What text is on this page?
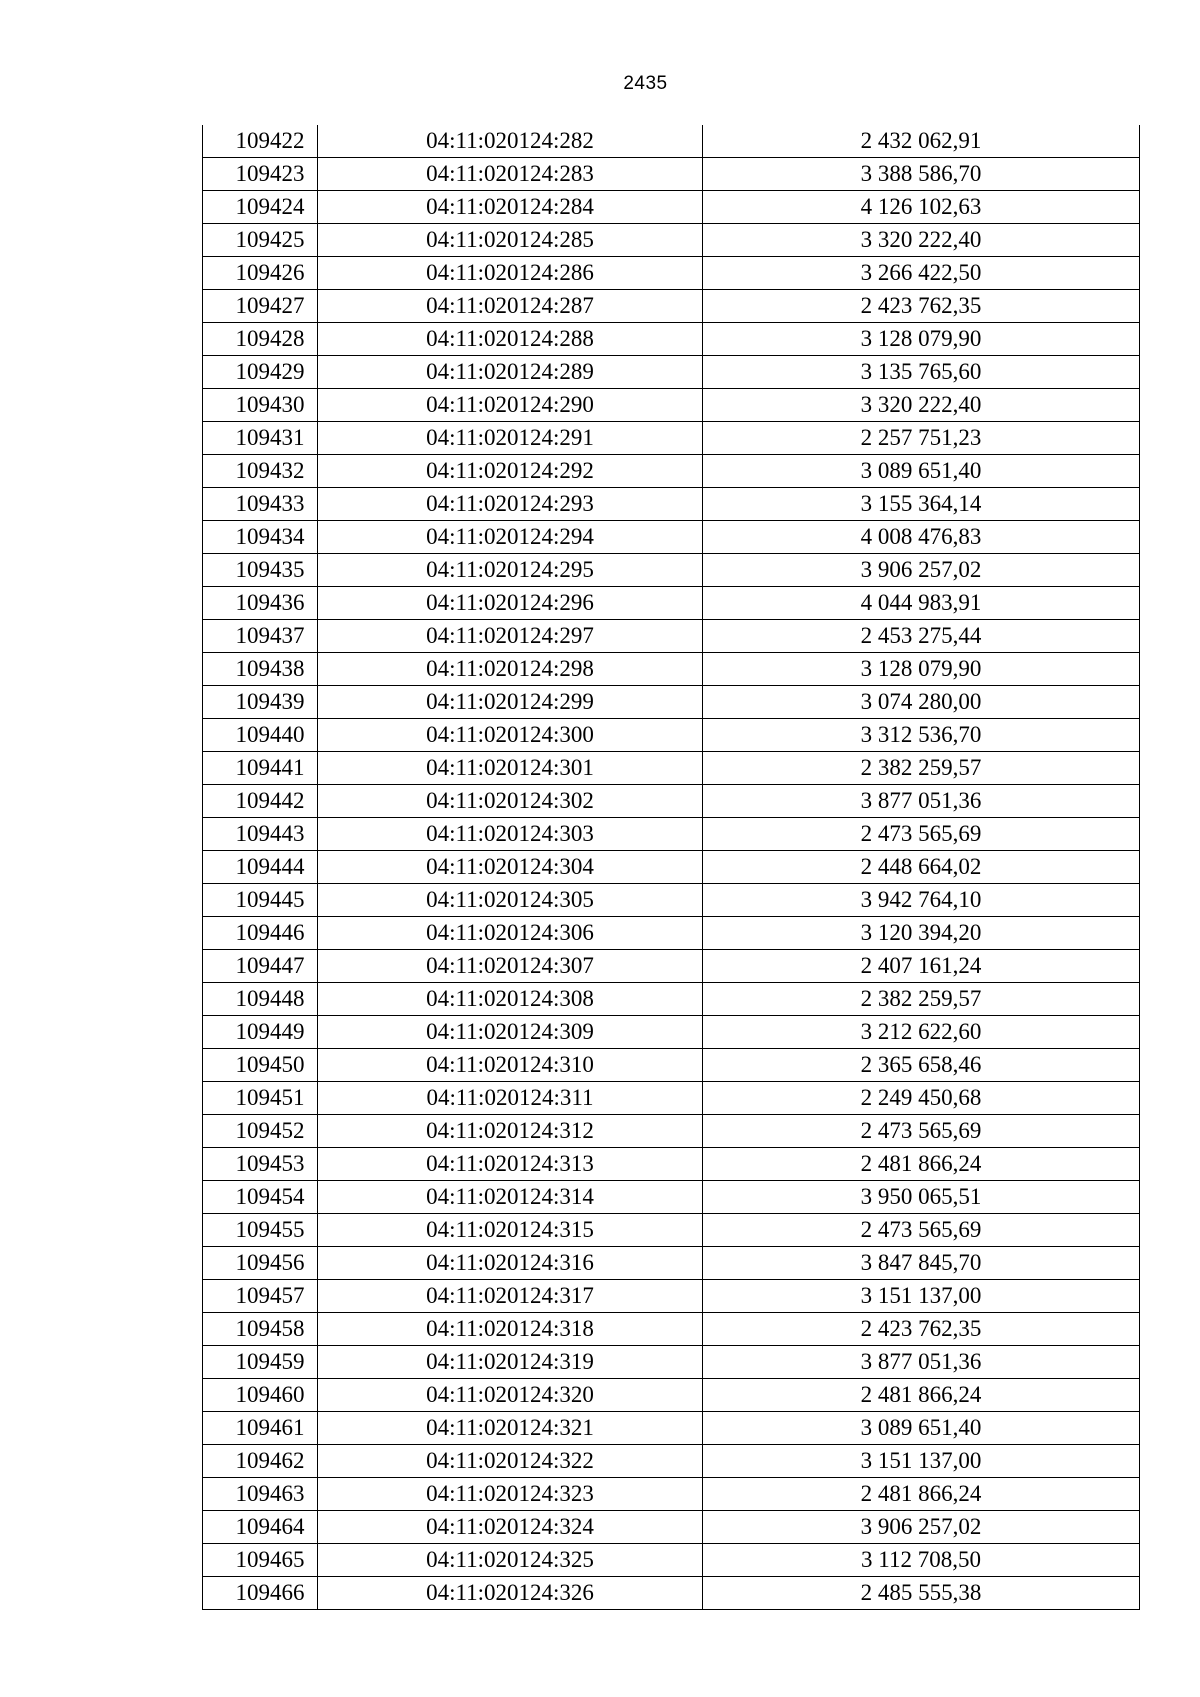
2435
109422	04:11:020124:282	2 432 062,91
109423	04:11:020124:283	3 388 586,70
109424	04:11:020124:284	4 126 102,63
109425	04:11:020124:285	3 320 222,40
109426	04:11:020124:286	3 266 422,50
109427	04:11:020124:287	2 423 762,35
109428	04:11:020124:288	3 128 079,90
109429	04:11:020124:289	3 135 765,60
109430	04:11:020124:290	3 320 222,40
109431	04:11:020124:291	2 257 751,23
109432	04:11:020124:292	3 089 651,40
109433	04:11:020124:293	3 155 364,14
109434	04:11:020124:294	4 008 476,83
109435	04:11:020124:295	3 906 257,02
109436	04:11:020124:296	4 044 983,91
109437	04:11:020124:297	2 453 275,44
109438	04:11:020124:298	3 128 079,90
109439	04:11:020124:299	3 074 280,00
109440	04:11:020124:300	3 312 536,70
109441	04:11:020124:301	2 382 259,57
109442	04:11:020124:302	3 877 051,36
109443	04:11:020124:303	2 473 565,69
109444	04:11:020124:304	2 448 664,02
109445	04:11:020124:305	3 942 764,10
109446	04:11:020124:306	3 120 394,20
109447	04:11:020124:307	2 407 161,24
109448	04:11:020124:308	2 382 259,57
109449	04:11:020124:309	3 212 622,60
109450	04:11:020124:310	2 365 658,46
109451	04:11:020124:311	2 249 450,68
109452	04:11:020124:312	2 473 565,69
109453	04:11:020124:313	2 481 866,24
109454	04:11:020124:314	3 950 065,51
109455	04:11:020124:315	2 473 565,69
109456	04:11:020124:316	3 847 845,70
109457	04:11:020124:317	3 151 137,00
109458	04:11:020124:318	2 423 762,35
109459	04:11:020124:319	3 877 051,36
109460	04:11:020124:320	2 481 866,24
109461	04:11:020124:321	3 089 651,40
109462	04:11:020124:322	3 151 137,00
109463	04:11:020124:323	2 481 866,24
109464	04:11:020124:324	3 906 257,02
109465	04:11:020124:325	3 112 708,50
109466	04:11:020124:326	2 485 555,38
